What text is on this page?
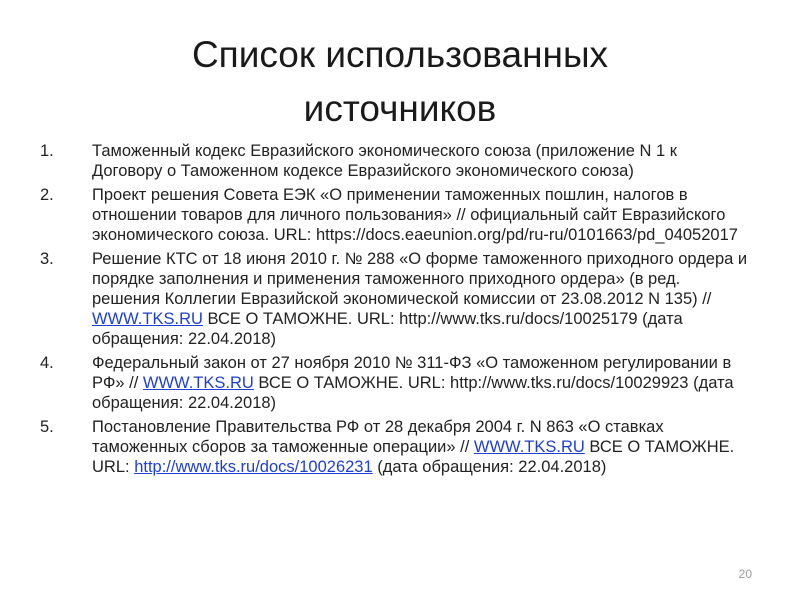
Список использованных
источников
1. Таможенный кодекс Евразийского экономического союза (приложение N 1 к Договору о Таможенном кодексе Евразийского экономического союза)
2. Проект решения Совета ЕЭК «О применении таможенных пошлин, налогов в отношении товаров для личного пользования» // официальный сайт Евразийского экономического союза. URL: https://docs.eaeunion.org/pd/ru-ru/0101663/pd_04052017
3. Решение КТС от 18 июня 2010 г. № 288 «О форме таможенного приходного ордера и порядке заполнения и применения таможенного приходного ордера» (в ред. решения Коллегии Евразийской экономической комиссии от 23.08.2012 N 135) // WWW.TKS.RU ВСЕ О ТАМОЖНЕ. URL: http://www.tks.ru/docs/10025179 (дата обращения: 22.04.2018)
4. Федеральный закон от 27 ноября 2010 № 311-ФЗ «О таможенном регулировании в РФ» // WWW.TKS.RU ВСЕ О ТАМОЖНЕ. URL: http://www.tks.ru/docs/10029923 (дата обращения: 22.04.2018)
5. Постановление Правительства РФ от 28 декабря 2004 г. N 863 «О ставках таможенных сборов за таможенные операции» // WWW.TKS.RU ВСЕ О ТАМОЖНЕ. URL: http://www.tks.ru/docs/10026231 (дата обращения: 22.04.2018)
20
